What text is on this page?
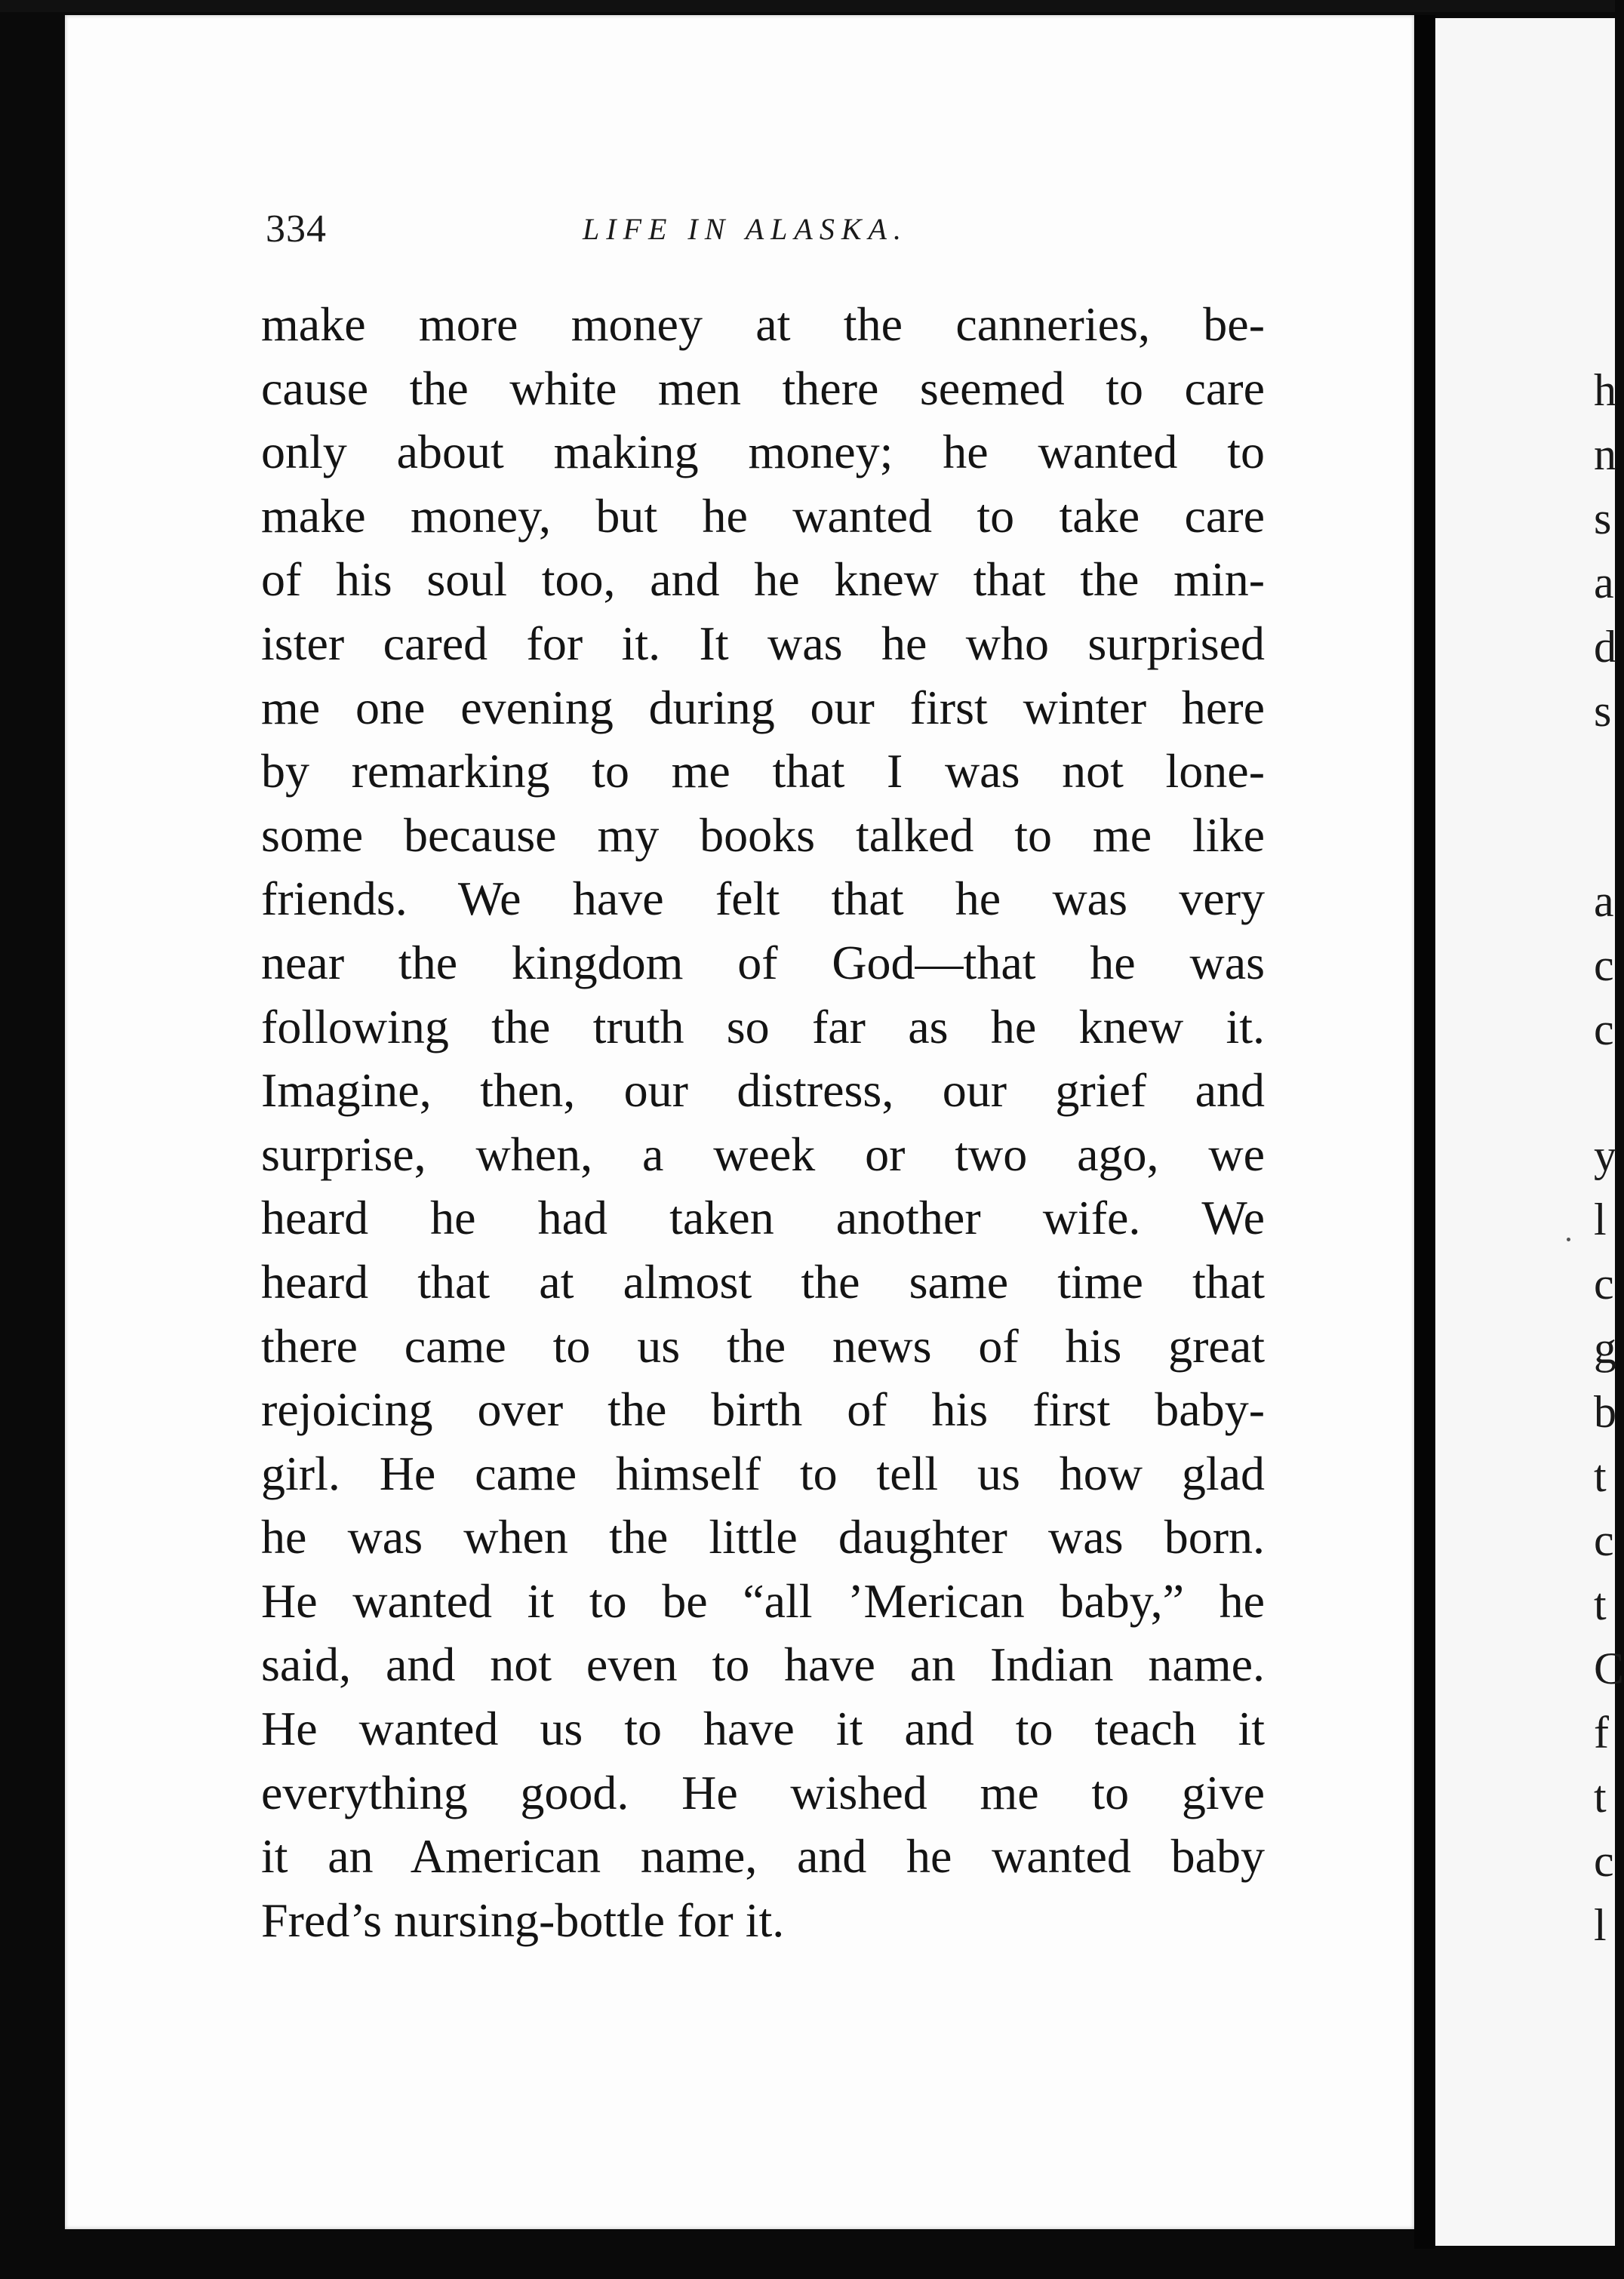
334	LIFE IN ALASKA.
make more money at the canneries, be-
cause the white men there seemed to care
only about making money; he wanted to
make money, but he wanted to take care
of his soul too, and he knew that the min-
ister cared for it. It was he who surprised
me one evening during our first winter here
by remarking to me that I was not lone-
some because my books talked to me like
friends. We have felt that he was very
near the kingdom of God—that he was
following the truth so far as he knew it.
Imagine, then, our distress, our grief and
surprise, when, a week or two ago, we
heard he had taken another wife. We
heard that at almost the same time that
there came to us the news of his great
rejoicing over the birth of his first baby-
girl. He came himself to tell us how glad
he was when the little daughter was born.
He wanted it to be “all ’Merican baby,” he
said, and not even to have an Indian name.
He wanted us to have it and to teach it
everything good. He wished me to give
it an American name, and he wanted baby
Fred’s nursing-bottle for it.
h
n
s
a
d
s
a
c
c
y
l
c
g
b
t
c
t
C
f
t
c
l
